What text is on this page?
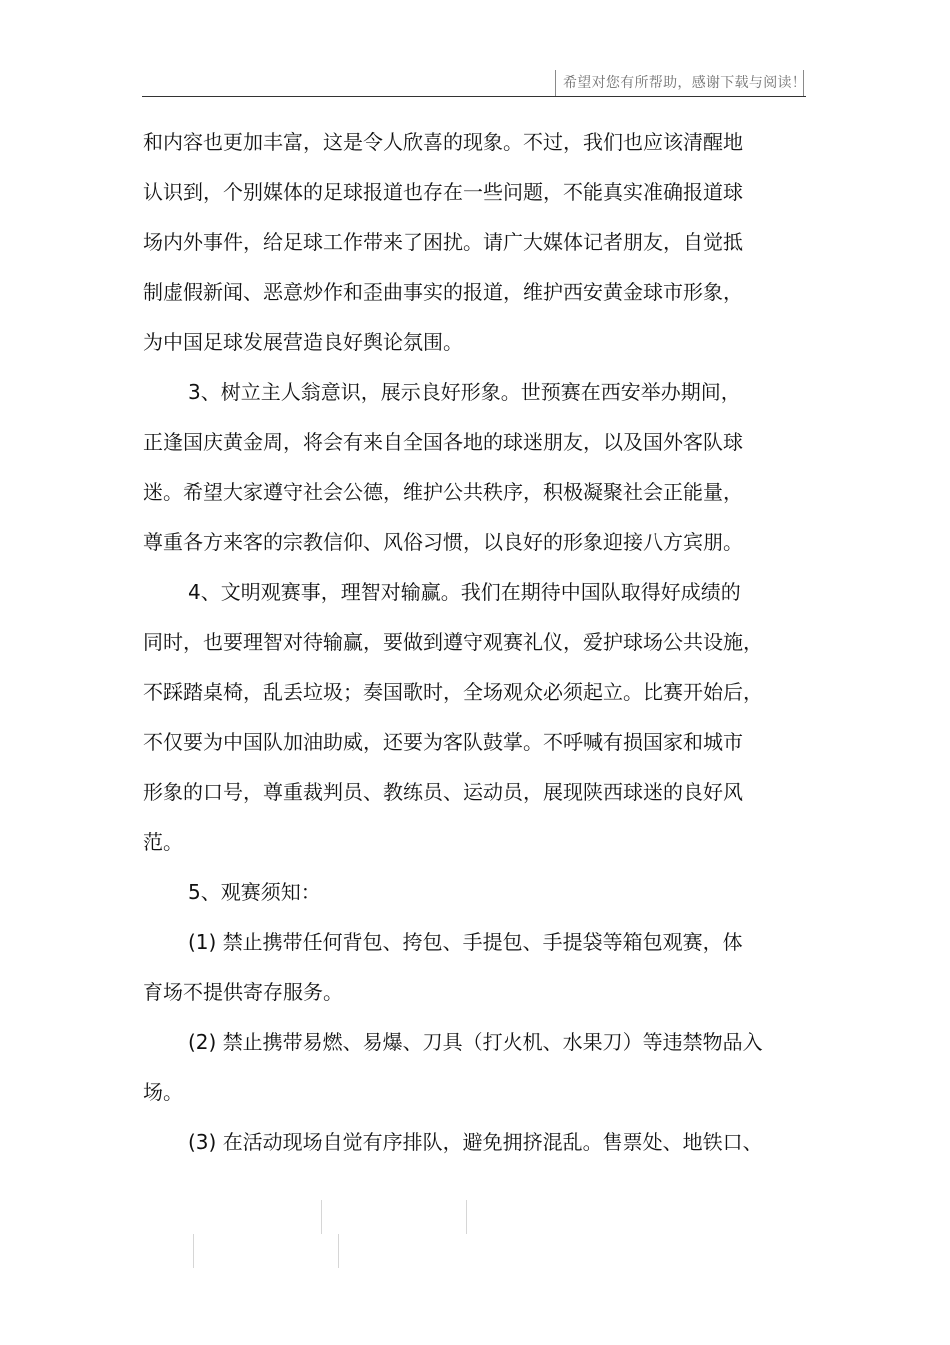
希望对您有所帮助，感谢下载与阅读！
和内容也更加丰富，这是令人欣喜的现象。不过，我们也应该清醒地
认识到，个别媒体的足球报道也存在一些问题，不能真实准确报道球
场内外事件，给足球工作带来了困扰。请广大媒体记者朋友，自觉抵
制虚假新闻、恶意炒作和歪曲事实的报道，维护西安黄金球市形象，
为中国足球发展营造良好舆论氛围。
3、树立主人翁意识，展示良好形象。世预赛在西安举办期间，
正逢国庆黄金周，将会有来自全国各地的球迷朋友，以及国外客队球
迷。希望大家遵守社会公德，维护公共秩序，积极凝聚社会正能量，
尊重各方来客的宗教信仰、风俗习惯，以良好的形象迎接八方宾朋。
4、文明观赛事，理智对输赢。我们在期待中国队取得好成绩的
同时，也要理智对待输赢，要做到遵守观赛礼仪，爱护球场公共设施，
不踩踏桌椅，乱丢垃圾；奏国歌时，全场观众必须起立。比赛开始后，
不仅要为中国队加油助威，还要为客队鼓掌。不呼喊有损国家和城市
形象的口号，尊重裁判员、教练员、运动员，展现陕西球迷的良好风
范。
5、观赛须知：
(1) 禁止携带任何背包、挎包、手提包、手提袋等箱包观赛，体
育场不提供寄存服务。
(2) 禁止携带易燃、易爆、刀具（打火机、水果刀）等违禁物品入
场。
(3) 在活动现场自觉有序排队，避免拥挤混乱。售票处、地铁口、
